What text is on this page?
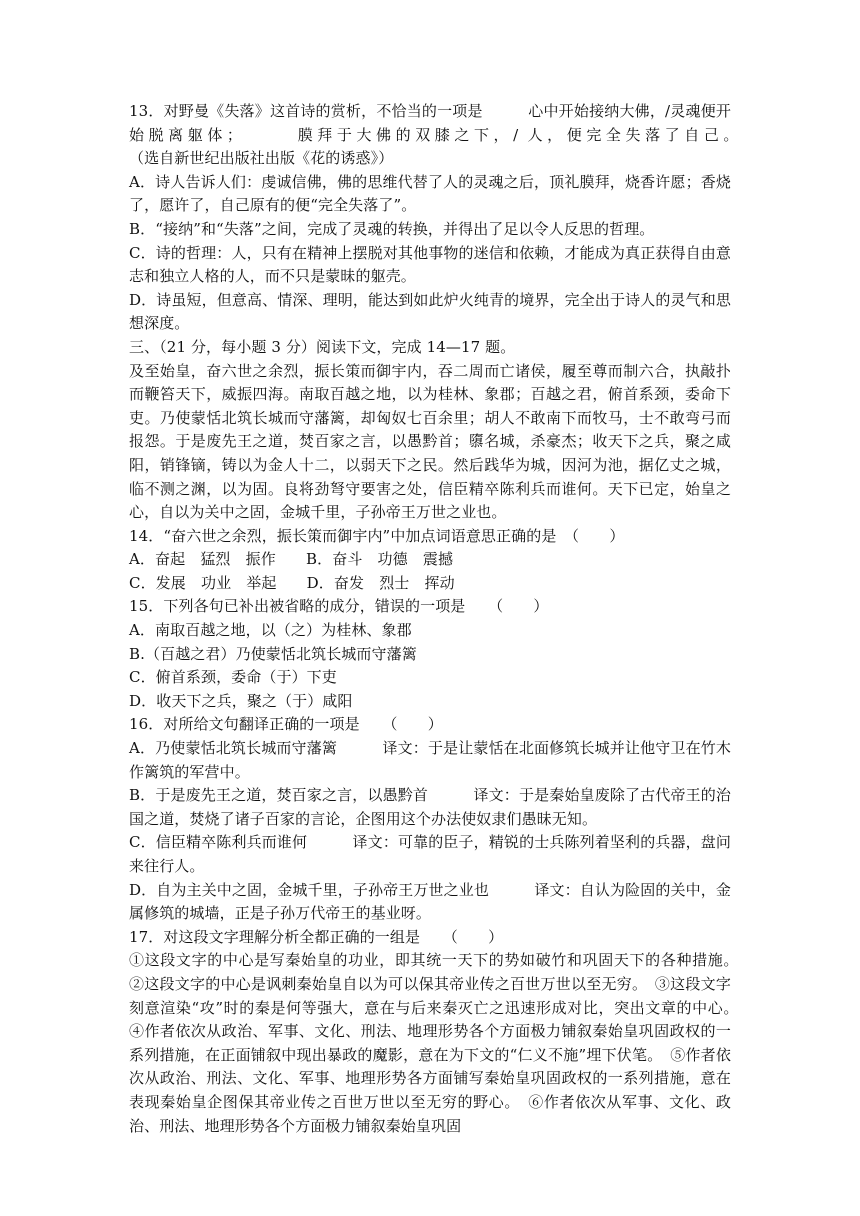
13．对野曼《失落》这首诗的赏析，不恰当的一项是　　　心中开始接纳大佛，/灵魂便开始脱离躯体；　　　膜拜于大佛的双膝之下，/ 人，便完全失落了自己。　　　　　　　　（选自新世纪出版社出版《花的诱惑》）

A．诗人告诉人们：虔诚信佛，佛的思维代替了人的灵魂之后，顶礼膜拜，烧香许愿；香烧了，愿许了，自己原有的便“完全失落了”。

B．“接纳”和“失落”之间，完成了灵魂的转换，并得出了足以令人反思的哲理。

C．诗的哲理：人，只有在精神上摆脱对其他事物的迷信和依赖，才能成为真正获得自由意志和独立人格的人，而不只是蒙昧的躯壳。

D．诗虽短，但意高、情深、理明，能达到如此炉火纯青的境界，完全出于诗人的灵气和思想深度。

三、（21 分，每小题 3 分）阅读下文，完成 14—17 题。

及至始皇，奋六世之余烈，振长策而御宇内，吞二周而亡诸侯，履至尊而制六合，执敲扑而鞭笞天下，威振四海。南取百越之地，以为桂林、象郡；百越之君，俯首系颈，委命下吏。乃使蒙恬北筑长城而守藩篱，却匈奴七百余里；胡人不敢南下而牧马，士不敢弯弓而报怨。于是废先王之道，焚百家之言，以愚黔首；隳名城，杀豪杰；收天下之兵，聚之咸阳，销锋镝，铸以为金人十二，以弱天下之民。然后践华为城，因河为池，据亿丈之城，临不测之渊，以为固。良将劲弩守要害之处，信臣精卒陈利兵而谁何。天下已定，始皇之心，自以为关中之固，金城千里，子孙帝王万世之业也。

14．“奋六世之余烈，振长策而御宇内”中加点词语意思正确的是　（　　）

A．奋起　猛烈　振作　　B．奋斗　功德　震撼

C．发展　功业　举起　　D．奋发　烈士　挥动

15．下列各句已补出被省略的成分，错误的一项是　　（　　）

A．南取百越之地，以（之）为桂林、象郡

B.（百越之君）乃使蒙恬北筑长城而守藩篱

C．俯首系颈，委命（于）下吏

D．收天下之兵，聚之（于）咸阳

16．对所给文句翻译正确的一项是　　（　　）

A．乃使蒙恬北筑长城而守藩篱　　　译文：于是让蒙恬在北面修筑长城并让他守卫在竹木作篱筑的军营中。

B．于是废先王之道，焚百家之言，以愚黔首　　　译文：于是秦始皇废除了古代帝王的治国之道，焚烧了诸子百家的言论，企图用这个办法使奴隶们愚昧无知。

C．信臣精卒陈利兵而谁何　　　译文：可靠的臣子，精锐的士兵陈列着坚利的兵器，盘问来往行人。

D．自为主关中之固，金城千里，子孙帝王万世之业也　　　译文：自认为险固的关中，金属修筑的城墙，正是子孙万代帝王的基业呀。

17．对这段文字理解分析全都正确的一组是　　（　　）

①这段文字的中心是写秦始皇的功业，即其统一天下的势如破竹和巩固天下的各种措施。　②这段文字的中心是讽刺秦始皇自以为可以保其帝业传之百世万世以至无穷。　③这段文字刻意渲染“攻”时的秦是何等强大，意在与后来秦灭亡之迅速形成对比，突出文章的中心。　④作者依次从政治、军事、文化、刑法、地理形势各个方面极力铺叙秦始皇巩固政权的一系列措施，在正面铺叙中现出暴政的魔影，意在为下文的“仁义不施”埋下伏笔。　⑤作者依次从政治、刑法、文化、军事、地理形势各方面铺写秦始皇巩固政权的一系列措施，意在表现秦始皇企图保其帝业传之百世万世以至无穷的野心。　⑥作者依次从军事、文化、政治、刑法、地理形势各个方面极力铺叙秦始皇巩固
